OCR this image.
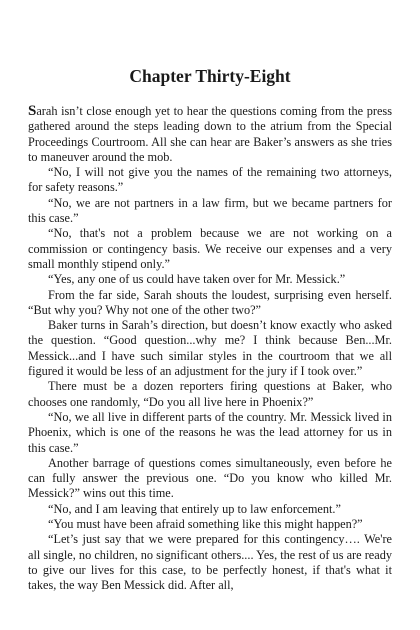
Chapter Thirty-Eight

Sarah isn’t close enough yet to hear the questions coming from the press gathered around the steps leading down to the atrium from the Special Proceedings Courtroom. All she can hear are Baker’s answers as she tries to maneuver around the mob.

“No, I will not give you the names of the remaining two attorneys, for safety reasons.”

“No, we are not partners in a law firm, but we became partners for this case.”

“No, that's not a problem because we are not working on a commission or contingency basis. We receive our expenses and a very small monthly stipend only.”

“Yes, any one of us could have taken over for Mr. Messick.”

From the far side, Sarah shouts the loudest, surprising even herself. “But why you? Why not one of the other two?”

Baker turns in Sarah’s direction, but doesn’t know exactly who asked the question. “Good question...why me? I think because Ben...Mr. Messick...and I have such similar styles in the courtroom that we all figured it would be less of an adjustment for the jury if I took over.”

There must be a dozen reporters firing questions at Baker, who chooses one randomly, “Do you all live here in Phoenix?”

“No, we all live in different parts of the country. Mr. Messick lived in Phoenix, which is one of the reasons he was the lead attorney for us in this case.”

Another barrage of questions comes simultaneously, even before he can fully answer the previous one. “Do you know who killed Mr. Messick?” wins out this time.

“No, and I am leaving that entirely up to law enforcement.”

“You must have been afraid something like this might happen?”

“Let’s just say that we were prepared for this contingency…. We're all single, no children, no significant others.... Yes, the rest of us are ready to give our lives for this case, to be perfectly honest, if that's what it takes, the way Ben Messick did. After all,
